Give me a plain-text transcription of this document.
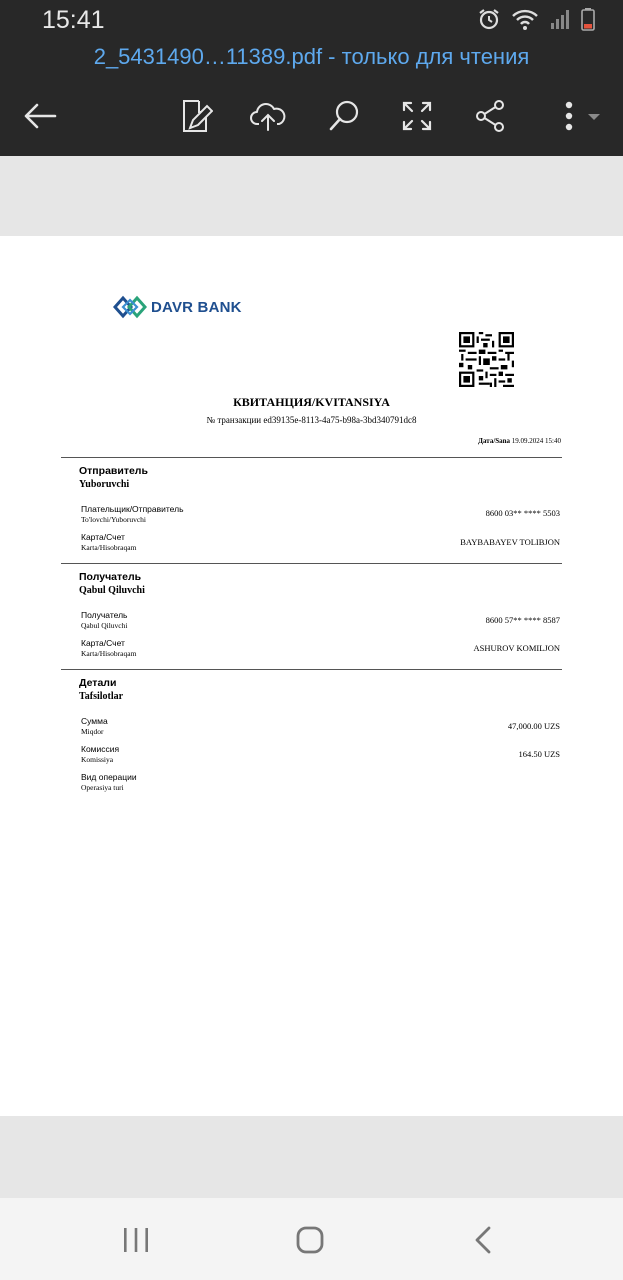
15:41
2_5431490…11389.pdf - только для чтения
DAVR BANK
КВИТАНЦИЯ/KVITANSIYA
№ транзакции ed39135e-8113-4a75-b98a-3bd340791dc8
Дата/Sana 19.09.2024 15:40
Отправитель
Yuboruvchi
Плательщик/Отправитель
To'lovchi/Yuboruvchi
8600 03** **** 5503
Карта/Счет
Karta/Hisobraqam
BAYBABAYEV TOLIBJON
Получатель
Qabul Qiluvchi
Получатель
Qabul Qiluvchi
8600 57** **** 8587
Карта/Счет
Karta/Hisobraqam
ASHUROV KOMILJON
Детали
Tafsilotlar
Сумма
Miqdor
47,000.00 UZS
Комиссия
Komissiya
164.50 UZS
Вид операции
Operasiya turi
